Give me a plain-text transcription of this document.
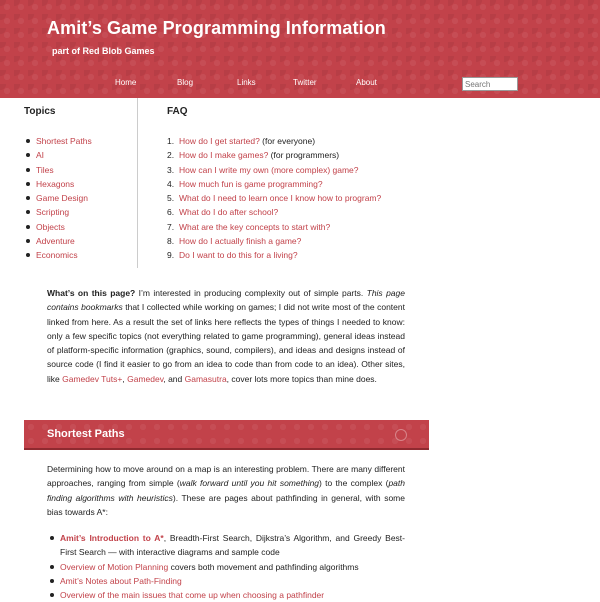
Amit’s Game Programming Information
part of Red Blob Games
Home	Blog	Links	Twitter	About
Search
Topics
Shortest Paths
AI
Tiles
Hexagons
Game Design
Scripting
Objects
Adventure
Economics
FAQ
1. How do I get started? (for everyone)
2. How do I make games? (for programmers)
3. How can I write my own (more complex) game?
4. How much fun is game programming?
5. What do I need to learn once I know how to program?
6. What do I do after school?
7. What are the key concepts to start with?
8. How do I actually finish a game?
9. Do I want to do this for a living?

What’s on this page? I’m interested in producing complexity out of simple parts. This page contains bookmarks that I collected while working on games; I did not write most of the content linked from here. As a result the set of links here reflects the types of things I needed to know: only a few specific topics (not everything related to game programming), general ideas instead of platform-specific information (graphics, sound, compilers), and ideas and designs instead of source code (I find it easier to go from an idea to code than from code to an idea). Other sites, like Gamedev Tuts+, Gamedev, and Gamasutra, cover lots more topics than mine does.

Shortest Paths

Determining how to move around on a map is an interesting problem. There are many different approaches, ranging from simple (walk forward until you hit something) to the complex (path finding algorithms with heuristics). These are pages about pathfinding in general, with some bias towards A*:

Amit’s Introduction to A*, Breadth-First Search, Dijkstra’s Algorithm, and Greedy Best-First Search — with interactive diagrams and sample code
Overview of Motion Planning covers both movement and pathfinding algorithms
Amit’s Notes about Path-Finding
Overview of the main issues that come up when choosing a pathfinder
